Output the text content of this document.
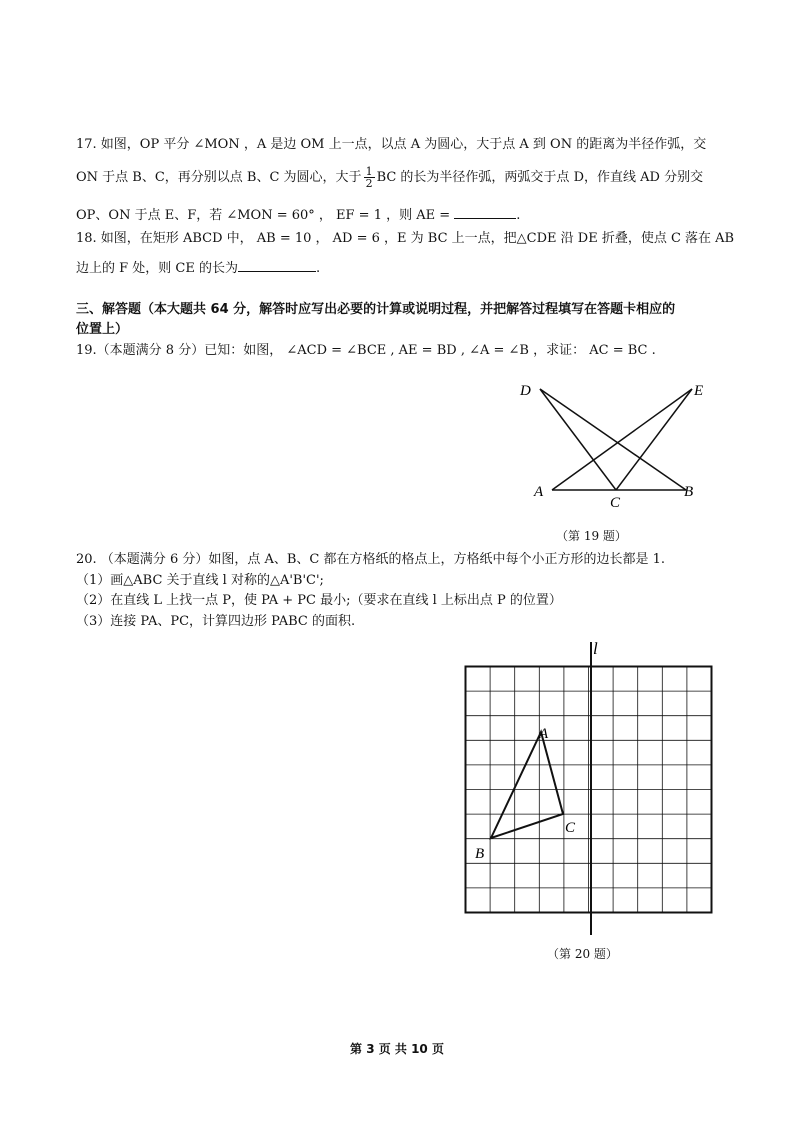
17. 如图，OP 平分 ∠MON ，A 是边 OM 上一点，以点 A 为圆心，大于点 A 到 ON 的距离为半径作弧，交
ON 于点 B、C，再分别以点 B、C 为圆心，大于 $\frac{1}{2}$ BC 的长为半径作弧，两弧交于点 D，作直线 AD 分别交
OP、ON 于点 E、F，若 ∠MON = 60° ， EF = 1 ，则 AE =	.
18. 如图，在矩形 ABCD 中， AB = 10 ， AD = 6 ，E 为 BC 上一点，把△CDE 沿 DE 折叠，使点 C 落在 AB
边上的 F 处，则 CE 的长为	.
三、解答题（本大题共 64 分，解答时应写出必要的计算或说明过程，并把解答过程填写在答题卡相应的
位置上）
19.（本题满分 8 分）已知：如图， ∠ACD = ∠BCE , AE = BD , ∠A = ∠B ，求证： AC = BC .
D	E
A
C
B
（第 19 题）
20. （本题满分 6 分）如图，点 A、B、C 都在方格纸的格点上，方格纸中每个小正方形的边长都是 1.
（1）画△ABC 关于直线 l 对称的△A'B'C';
（2）在直线 L 上找一点 P，使 PA + PC 最小;（要求在直线 l 上标出点 P 的位置）
（3）连接 PA、PC，计算四边形 PABC 的面积.
l
A
C
B
（第 20 题）
第 3 页 共 10 页
